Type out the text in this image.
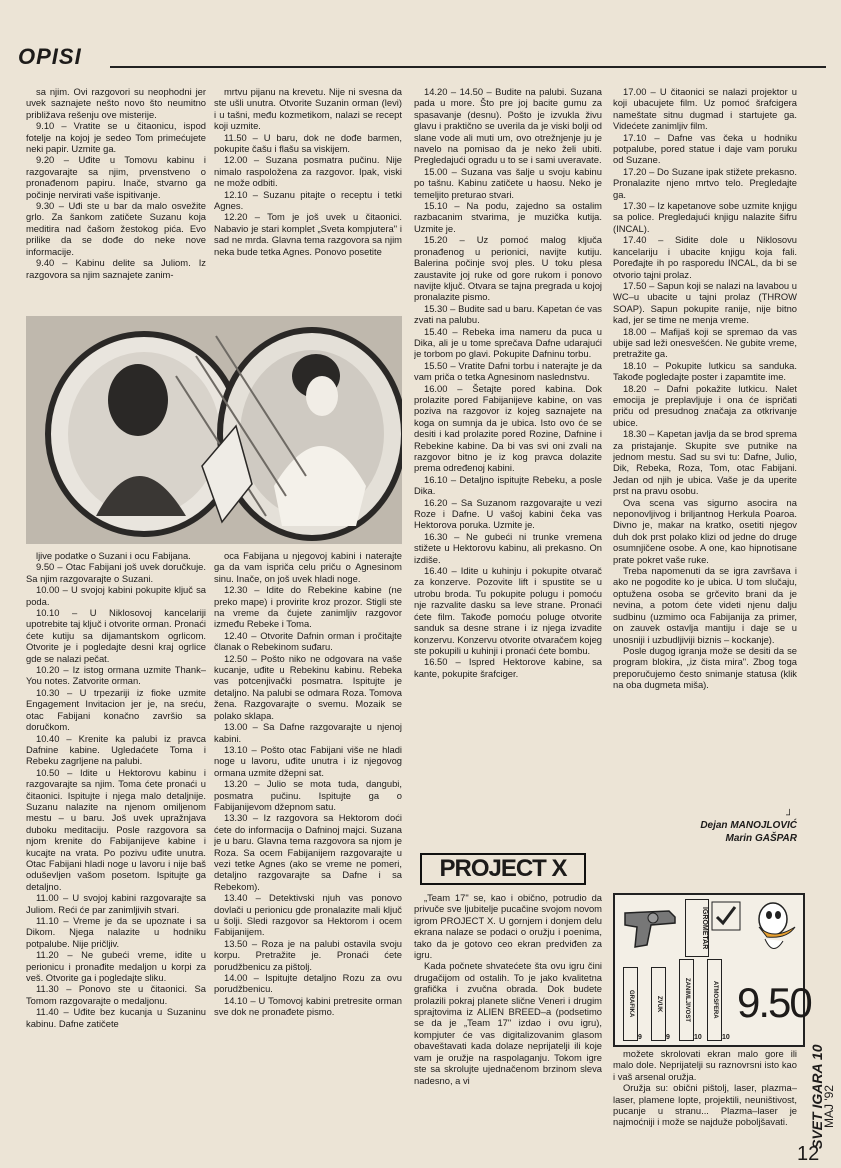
OPISI

sa njim. Ovi razgovori su neophodni jer uvek saznajete nešto novo što neumitno približava rešenju ove misterije.

9.10 – Vratite se u čitaonicu, ispod fotelje na kojoj je sedeo Tom primećujete neki papir. Uzmite ga.

9.20 – Uđite u Tomovu kabinu i razgovarajte sa njim, prvenstveno o pronađenom papiru. Inače, stvarno ga počinje nervirati vaše ispitivanje.

9.30 – Uđi ste u bar da malo osvežite grlo. Za šankom zatičete Suzanu koja meditira nad čašom žestokog pića. Evo prilike da se dođe do neke nove informacije.

9.40 – Kabinu delite sa Juliom. Iz razgovora sa njim saznajete zanim-

ljive podatke o Suzani i ocu Fabijana.

9.50 – Otac Fabijani još uvek doručkuje. Sa njim razgovarajte o Suzani.

10.00 – U svojoj kabini pokupite ključ sa poda.

10.10 – U Niklosovoj kancelariji upotrebite taj ključ i otvorite orman. Pronaći ćete kutiju sa dijamantskom ogrlicom. Otvorite je i pogledajte desni kraj ogrlice gde se nalazi pečat.

10.20 – Iz istog ormana uzmite Thank–You notes. Zatvorite orman.

10.30 – U trpezariji iz fioke uzmite Engagement Invitacion jer je, na sreću, otac Fabijani konačno završio sa doručkom.

10.40 – Krenite ka palubi iz pravca Dafnine kabine. Ugledaćete Toma i Rebeku zagrljene na palubi.

10.50 – Idite u Hektorovu kabinu i razgovarajte sa njim. Toma ćete pronaći u čitaonici. Ispitujte i njega malo detaljnije. Suzanu nalazite na njenom omiljenom mestu – u baru. Još uvek upražnjava duboku meditaciju. Posle razgovora sa njom krenite do Fabijanijeve kabine i kucajte na vrata. Po pozivu uđite unutra. Otac Fabijani hladi noge u lavoru i nije baš oduševljen vašom posetom. Ispitujte ga detaljno.

11.00 – U svojoj kabini razgovarajte sa Juliom. Reći će par zanimljivih stvari.

11.10 – Vreme je da se upoznate i sa Dikom. Njega nalazite u hodniku potpalube. Nije pričljiv.

11.20 – Ne gubeći vreme, idite u perionicu i pronađite medaljon u korpi za veš. Otvorite ga i pogledajte sliku.

11.30 – Ponovo ste u čitaonici. Sa Tomom razgovarajte o medaljonu.

11.40 – Uđite bez kucanja u Suzaninu kabinu. Dafne zatičete

mrtvu pijanu na krevetu. Nije ni svesna da ste ušli unutra. Otvorite Suzanin orman (levi) i u tašni, među kozmetikom, nalazi se recept koji uzmite.

11.50 – U baru, dok ne dođe barmen, pokupite čašu i flašu sa viskijem.

12.00 – Suzana posmatra pučinu. Nije nimalo raspoložena za razgovor. Ipak, viski ne može odbiti.

12.10 – Suzanu pitajte o receptu i tetki Agnes.

12.20 – Tom je još uvek u čitaonici. Nabavio je stari komplet „Sveta kompjutera" i sad ne mrda. Glavna tema razgovora sa njim neka bude tetka Agnes. Ponovo posetite

oca Fabijana u njegovoj kabini i nateraјte ga da vam ispriča celu priču o Agnesinom sinu. Inače, on još uvek hladi noge.

12.30 – Idite do Rebekine kabine (ne preko mape) i provirite kroz prozor. Stigli ste na vreme da čujete zanimljiv razgovor između Rebeke i Toma.

12.40 – Otvorite Dafnin orman i pročitajte članak o Rebekinom suđaru.

12.50 – Pošto niko ne odgovara na vaše kucanje, uđite u Rebekinu kabinu. Rebeka vas potcenjivački posmatra. Ispitujte je detaljno. Na palubi se odmara Roza. Tomova žena. Razgovarajte o svemu. Mozaik se polako sklapa.

13.00 – Sa Dafne razgovarajte u njenoj kabini.

13.10 – Pošto otac Fabijani više ne hladi noge u lavoru, uđite unutra i iz njegovog ormana uzmite džepni sat.

13.20 – Julio se mota tuda, dangubi, posmatra pučinu. Ispitujte ga o Fabijanijevom džepnom satu.

13.30 – Iz razgovora sa Hektorom doći ćete do informacija o Dafninoj majci. Suzana je u baru. Glavna tema razgovora sa njom je Roza. Sa ocem Fabijanijem razgovarajte u vezi tetke Agnes (ako se vreme ne pomeri, detaljno razgovarajte sa Dafne i sa Rebekom).

13.40 – Detektivski njuh vas ponovo dovlači u perionicu gde pronalazite mali ključ u šolji. Sledi razgovor sa Hektorom i ocem Fabijanijem.

13.50 – Roza je na palubi ostavila svoju korpu. Pretražite je. Pronaći ćete porudžbenicu za pištolj.

14.00 – Ispitujte detaljno Rozu za ovu porudžbenicu.

14.10 – U Tomovoj kabini pretresite orman sve dok ne pronađete pismo.

14.20 – 14.50 – Budite na palubi. Suzana pada u more. Što pre joj bacite gumu za spasavanje (desnu). Pošto je izvukla živu glavu i praktično se uverila da je viski bolji od slane vode ali muti um, ovo otrežnjenje ju je navelo na pomisao da je neko želi ubiti. Pregledajući ogradu u to se i sami uveravate.

15.00 – Suzana vas šalje u svoju kabinu po tašnu. Kabinu zatičete u haosu. Neko je temeljito preturao stvari.

15.10 – Na podu, zajedno sa ostalim razbacanim stvarima, je muzička kutija. Uzmite je.

15.20 – Uz pomoć malog ključa pronađenog u perionici, navijte kutiju. Balerina počinje svoj ples. U toku plesa zaustavite joj ruke od gore rukom i ponovo navijte ključ. Otvara se tajna pregrada u kojoj pronalazite pismo.

15.30 – Budite sad u baru. Kapetan će vas zvati na palubu.

15.40 – Rebeka ima nameru da puca u Dika, ali je u tome sprečava Dafne udarajući je torbom po glavi. Pokupite Dafninu torbu.

15.50 – Vratite Dafni torbu i nateraјte je da vam priča o tetka Agnesinom naslednstvu.

16.00 – Šetajte pored kabina. Dok prolazite pored Fabijanijeve kabine, on vas poziva na razgovor iz kojeg saznajete na koga on sumnja da je ubica. Isto ovo će se desiti i kad prolazite pored Rozine, Dafnine i Rebekine kabine. Da bi vas svi oni zvali na razgovor bitno je iz kog pravca dolazite prema određenoj kabini.

16.10 – Detaljno ispitujte Rebeku, a posle Dika.

16.20 – Sa Suzanom razgovarajte u vezi Roze i Dafne. U vašoj kabini čeka vas Hektorova poruka. Uzmite je.

16.30 – Ne gubeći ni trunke vremena stižete u Hektorovu kabinu, ali prekasno. On izdiše.

16.40 – Idite u kuhinju i pokupite otvarač za konzerve. Pozovite lift i spustite se u utrobu broda. Tu pokupite polugu i pomoću nje razvalite dasku sa leve strane. Pronaći ćete film. Takođe pomoću poluge otvorite sanduk sa desne strane i iz njega izvadite konzervu. Konzervu otvorite otvaračem kojeg ste pokupili u kuhinji i pronaći ćete bombu.

16.50 – Ispred Hektorove kabine, sa kante, pokupite šrafciger.

„Team 17" se, kao i obično, potrudio da privuče sve ljubitelje pucačine svojom novom igrom PROJECT X. U gornjem i donjem delu ekrana nalaze se podaci o oružju i poenima, tako da je gotovo ceo ekran predviđen za igru.

Kada počnete shvatećete šta ovu igru čini drugačijom od ostalih. To je jako kvalitetna grafička i zvučna obrada. Dok budete prolazili pokraj planete sličnе Veneri i drugim spraјtovima iz ALIEN BREED–a (podsetimo se da je „Team 17" izdao i ovu igru), kompjuter će vas digitalizovanim glasom obaveštavati kada dolaze neprijatelji ili koje vam je oružje na raspolaganju. Tokom igre ste sa skrolujte ujednačenom brzinom sleva nadesno, a vi

17.00 – U čitaonici se nalazi projektor u koji ubacujete film. Uz pomoć šrafcigera nameštate sitnu dugmad i startujete ga. Videćete zanimljiv film.

17.10 – Dafne vas čeka u hodniku potpalube, pored statue i daje vam poruku od Suzane.

17.20 – Do Suzane ipak stižete prekasno. Pronalazite njeno mrtvo telo. Pregledajte ga.

17.30 – Iz kapetanove sobe uzmite knjigu sa police. Pregledajući knjigu nalazite šifru (INCAL).

17.40 – Sidite dole u Niklosovu kancelariju i ubacite knjigu koja fali. Poređajte ih po rasporedu INCAL, da bi se otvorio tajni prolaz.

17.50 – Sapun koji se nalazi na lavabou u WC–u ubacite u tajni prolaz (THROW SOAP). Sapun pokupite ranije, nije bitno kad, jer se time ne menja vreme.

18.00 – Mafijaš koji se spremao da vas ubije sad leži onesvešćen. Ne gubite vreme, pretražite ga.

18.10 – Pokupite lutkicu sa sanduka. Takođe pogledajte poster i zapamtite ime.

18.20 – Dafni pokažite lutkicu. Nalet emocija je preplavljuje i ona će ispričati priču od presudnog značaja za otkrivanje ubice.

18.30 – Kapetan javlja da se brod sprema za pristajanje. Skupite sve putnike na jednom mestu. Sad su svi tu: Dafne, Julio, Dik, Rebeka, Roza, Tom, otac Fabijani. Jedan od njih je ubica. Vaše je da uperite prst na pravu osobu.

Ova scena vas sigurno asocira na neponovljivog i briljantnog Herkula Poaroa. Divno je, makar na kratko, osetiti njegov duh dok prst polako klizi od jedne do druge osumnjičene osobe. A one, kao hipnotisane prate pokret vaše ruke.

Treba napomenuti da se igra završava i ako ne pogodite ko je ubica. U tom slučaju, optužena osoba se grčevito brani da je nevina, a potom ćete videti njenu dalju sudbinu (uzmimo oca Fabijanija za primer, on zauvek ostavlja mantiju i daje se u unosniji i uzbudljiviji biznis – kockanje).

Posle dugog igranja može se desiti da se program blokira, „iz čista mira". Zbog toga preporučujemo često snimanje statusa (klik na oba dugmeta miša).

možete skrolovati ekran malo gore ili malo dole. Neprijatelji su raznovrsni isto kao i vaš arsenal oružja.

Oružja su: obični pištolj, laser, plazma–laser, plamene lopte, projektili, neuništivost, pucanje u stranu... Plazma–laser je najmoćniji i može se najduže poboljšavati.

┘
Dejan MANOJLOVIĆ
Marin GAŠPAR
PROJECT X
IGROMETAR
GRAFIKA
9
ZVUK
9
ZANIMLJIVOST
10
ATMOSFERA
10
9.50
SVET IGARA 10
MAJ '92
12
